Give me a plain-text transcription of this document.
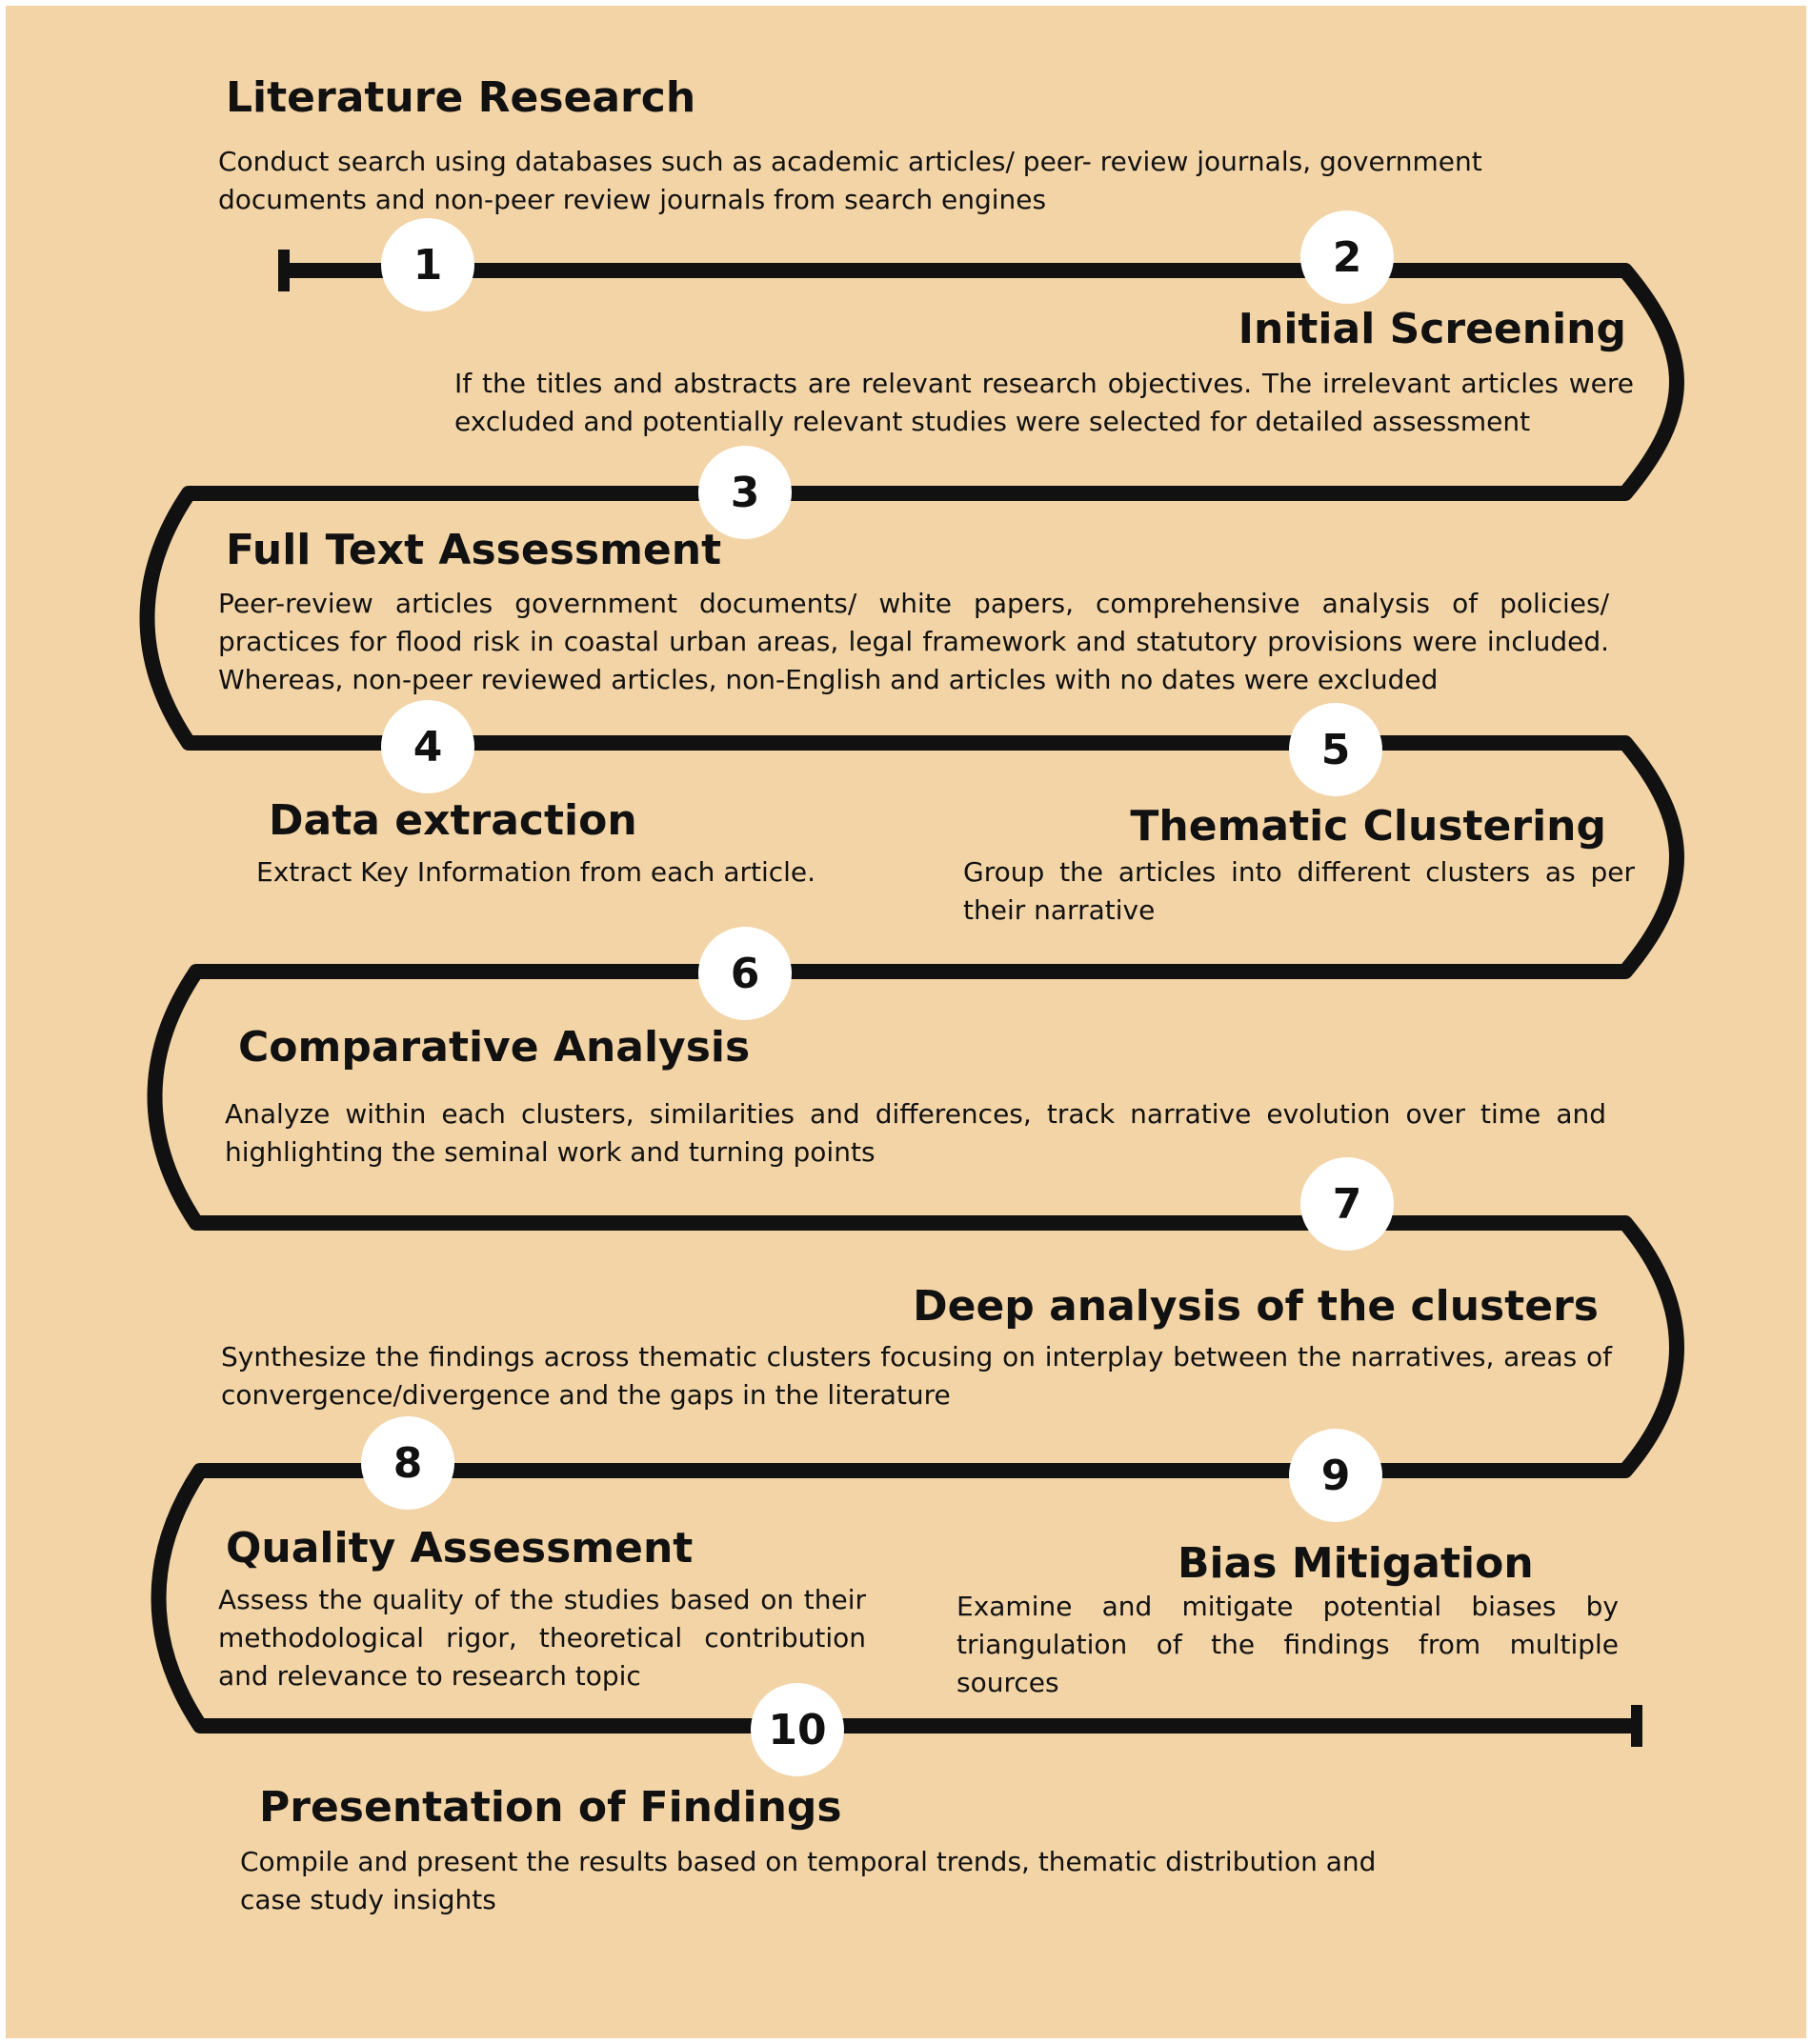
1	2
3
4	5
6
7
8	9
10
Literature Research

Conduct search using databases such as academic articles/ peer- review journals, government documents and non-peer review journals from search engines

Initial Screening

If the titles and abstracts are relevant research objectives. The irrelevant articles were excluded and potentially relevant studies were selected for detailed assessment

Full Text Assessment

Peer-review articles government documents/ white papers, comprehensive analysis of policies/ practices for flood risk in coastal urban areas, legal framework and statutory provisions were included. Whereas, non-peer reviewed articles, non-English and articles with no dates were excluded

Data extraction

Extract Key Information from each article.

Thematic Clustering

Group the articles into different clusters as per their narrative

Comparative Analysis

Analyze within each clusters, similarities and differences, track narrative evolution over time and highlighting the seminal work and turning points

Deep analysis of the clusters

Synthesize the findings across thematic clusters focusing on interplay between the narratives, areas of convergence/divergence and the gaps in the literature

Quality Assessment

Assess the quality of the studies based on their methodological rigor, theoretical contribution and relevance to research topic

Bias Mitigation

Examine and mitigate potential biases by triangulation of the findings from multiple sources

Presentation of Findings

Compile and present the results based on temporal trends, thematic distribution and case study insights
